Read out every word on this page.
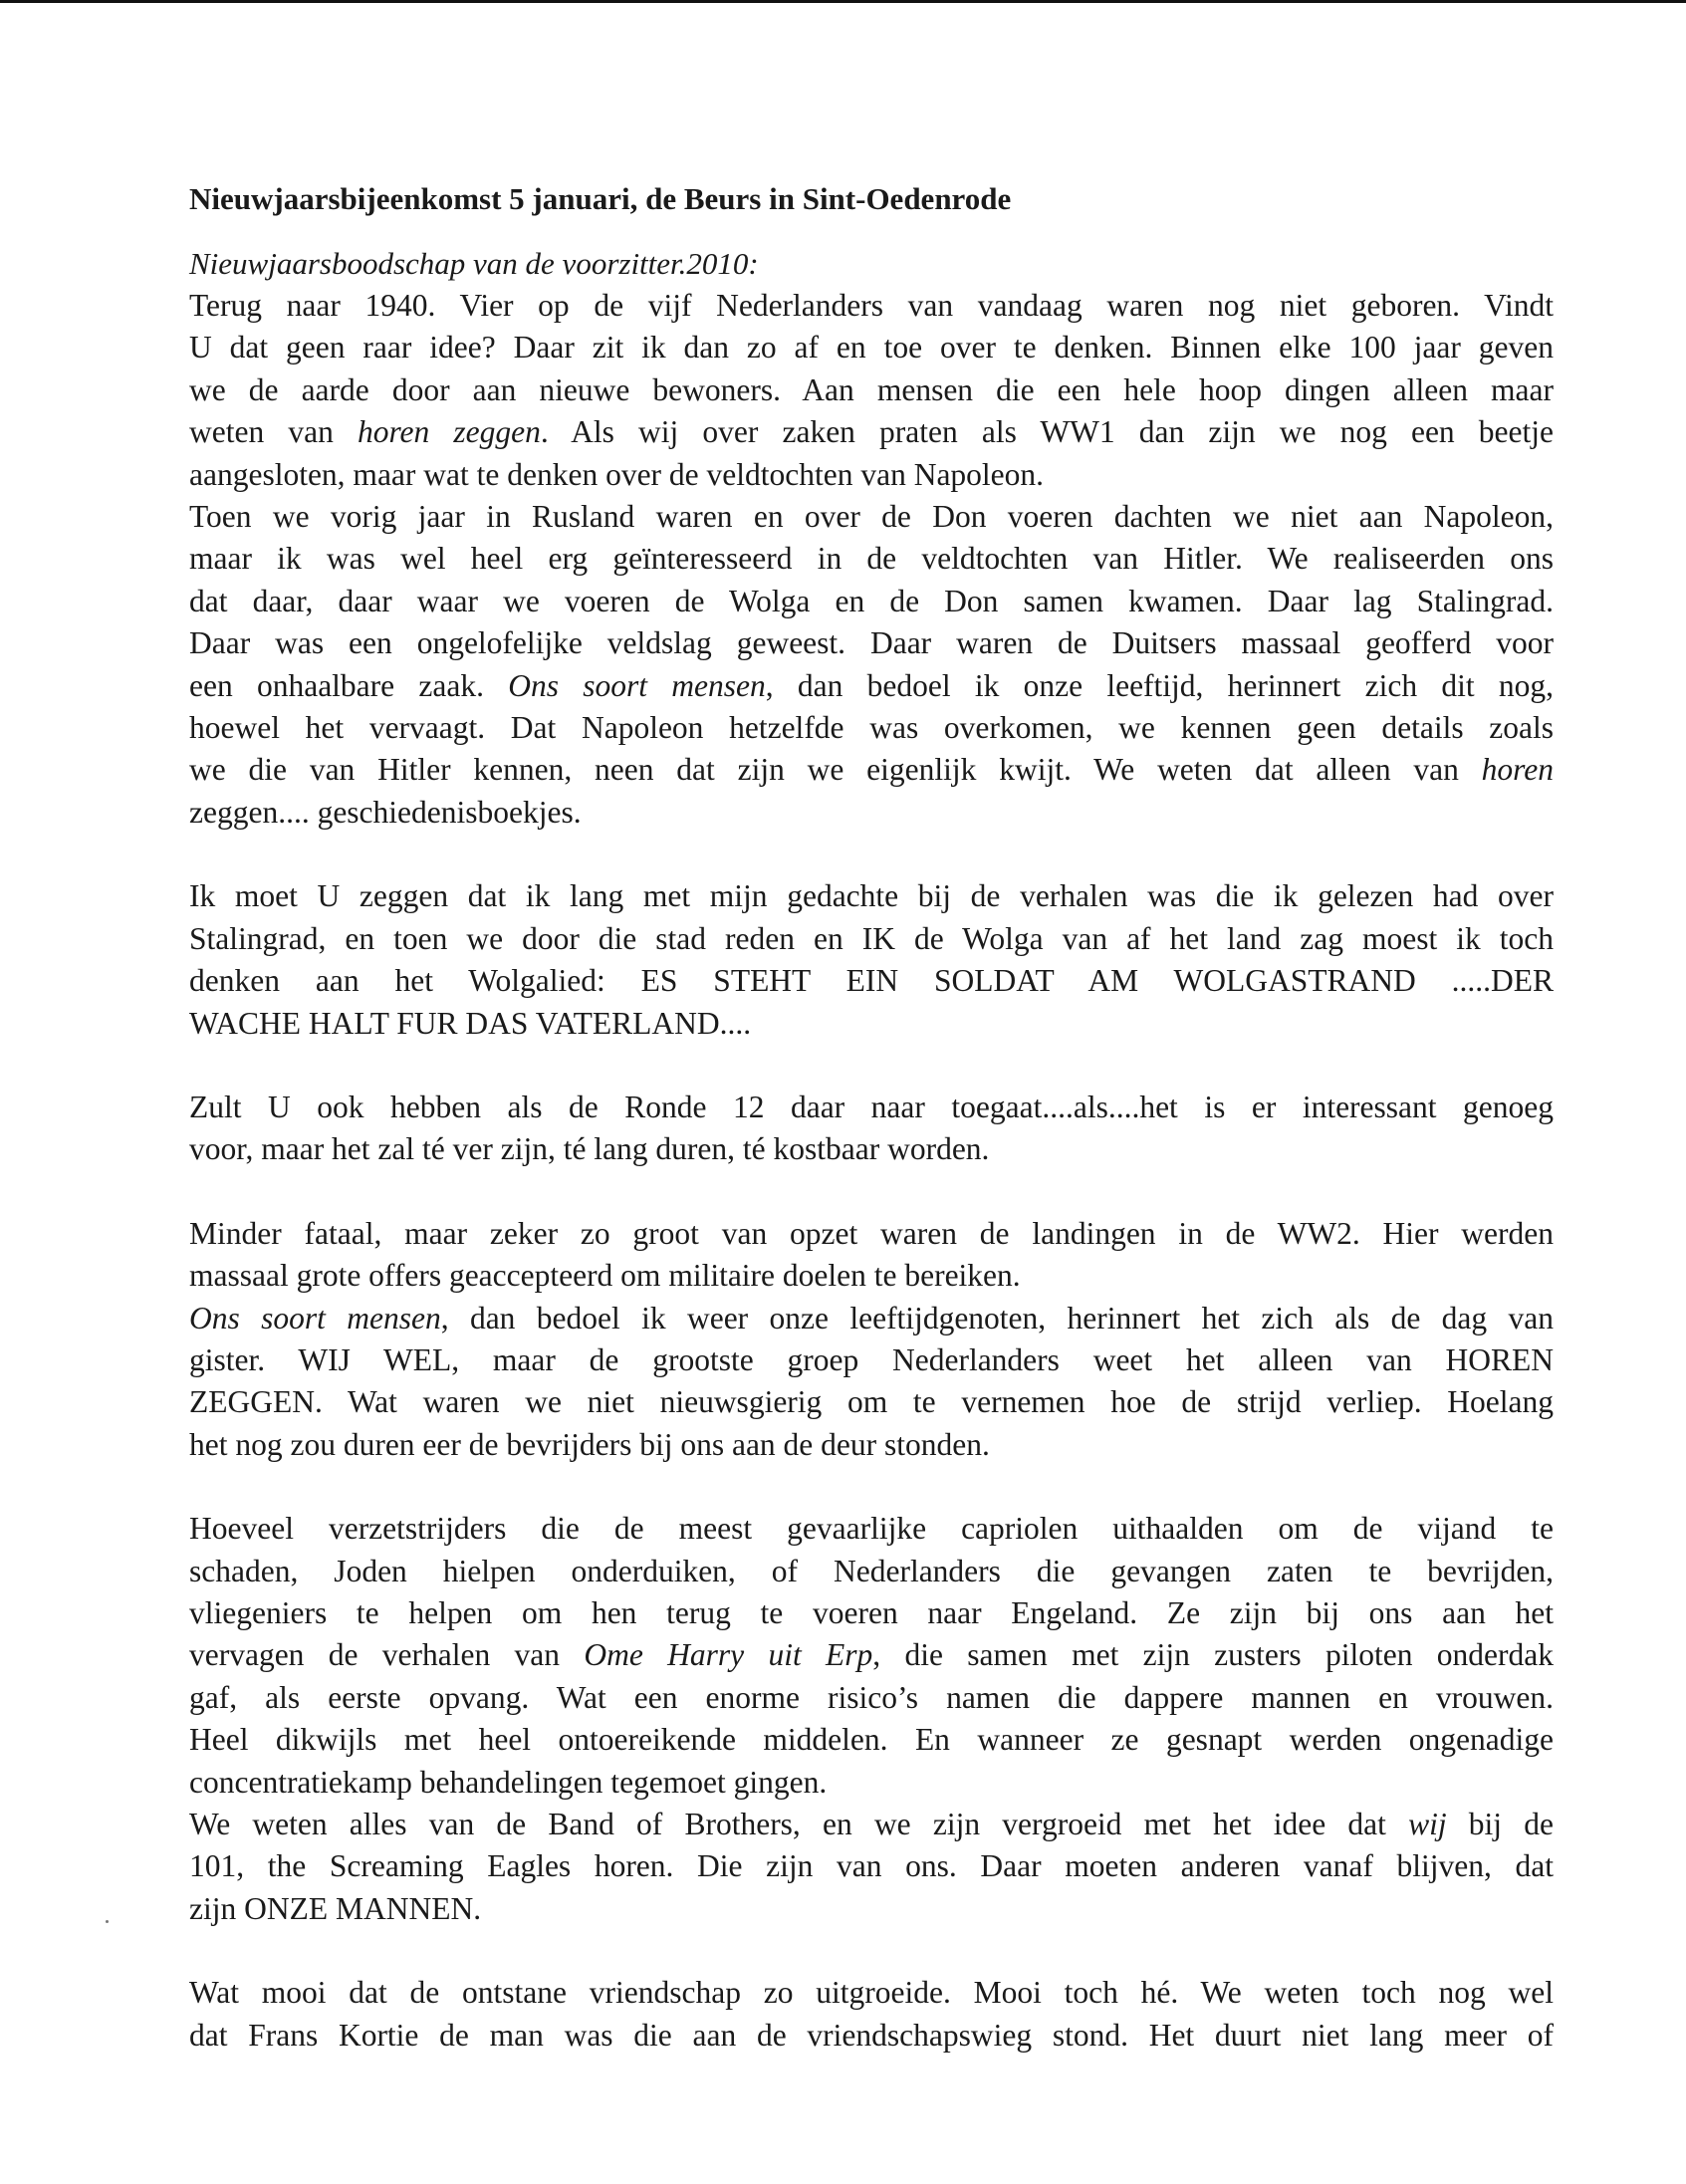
Nieuwjaarsbijeenkomst 5 januari, de Beurs in Sint-Oedenrode
Nieuwjaarsboodschap van de voorzitter.2010:
Terug naar 1940. Vier op de vijf Nederlanders van vandaag waren nog niet geboren. Vindt
U dat geen raar idee? Daar zit ik dan zo af en toe over te denken. Binnen elke 100 jaar geven
we de aarde door aan nieuwe bewoners. Aan mensen die een hele hoop dingen alleen maar
weten van horen zeggen. Als wij over zaken praten als WW1 dan zijn we nog een beetje
aangesloten, maar wat te denken over de veldtochten van Napoleon.
Toen we vorig jaar in Rusland waren en over de Don voeren dachten we niet aan Napoleon,
maar ik was wel heel erg geïnteresseerd in de veldtochten van Hitler. We realiseerden ons
dat daar, daar waar we voeren de Wolga en de Don samen kwamen. Daar lag Stalingrad.
Daar was een ongelofelijke veldslag geweest. Daar waren de Duitsers massaal geofferd voor
een onhaalbare zaak. Ons soort mensen, dan bedoel ik onze leeftijd, herinnert zich dit nog,
hoewel het vervaagt. Dat Napoleon hetzelfde was overkomen, we kennen geen details zoals
we die van Hitler kennen, neen dat zijn we eigenlijk kwijt. We weten dat alleen van horen
zeggen.... geschiedenisboekjes.
Ik moet U zeggen dat ik lang met mijn gedachte bij de verhalen was die ik gelezen had over
Stalingrad, en toen we door die stad reden en IK de Wolga van af het land zag moest ik toch
denken aan het Wolgalied: ES STEHT EIN SOLDAT AM WOLGASTRAND .....DER
WACHE HALT FUR DAS VATERLAND....
Zult U ook hebben als de Ronde 12 daar naar toegaat....als....het is er interessant genoeg
voor, maar het zal té ver zijn, té lang duren, té kostbaar worden.
Minder fataal, maar zeker zo groot van opzet waren de landingen in de WW2. Hier werden
massaal grote offers geaccepteerd om militaire doelen te bereiken.
Ons soort mensen, dan bedoel ik weer onze leeftijdgenoten, herinnert het zich als de dag van
gister. WIJ WEL, maar de grootste groep Nederlanders weet het alleen van HOREN
ZEGGEN. Wat waren we niet nieuwsgierig om te vernemen hoe de strijd verliep. Hoelang
het nog zou duren eer de bevrijders bij ons aan de deur stonden.
Hoeveel verzetstrijders die de meest gevaarlijke capriolen uithaalden om de vijand te
schaden, Joden hielpen onderduiken, of Nederlanders die gevangen zaten te bevrijden,
vliegeniers te helpen om hen terug te voeren naar Engeland. Ze zijn bij ons aan het
vervagen de verhalen van Ome Harry uit Erp, die samen met zijn zusters piloten onderdak
gaf, als eerste opvang. Wat een enorme risico’s namen die dappere mannen en vrouwen.
Heel dikwijls met heel ontoereikende middelen. En wanneer ze gesnapt werden ongenadige
concentratiekamp behandelingen tegemoet gingen.
We weten alles van de Band of Brothers, en we zijn vergroeid met het idee dat wij bij de
101, the Screaming Eagles horen. Die zijn van ons. Daar moeten anderen vanaf blijven, dat
zijn ONZE MANNEN.
Wat mooi dat de ontstane vriendschap zo uitgroeide. Mooi toch hé. We weten toch nog wel
dat Frans Kortie de man was die aan de vriendschapswieg stond. Het duurt niet lang meer of
